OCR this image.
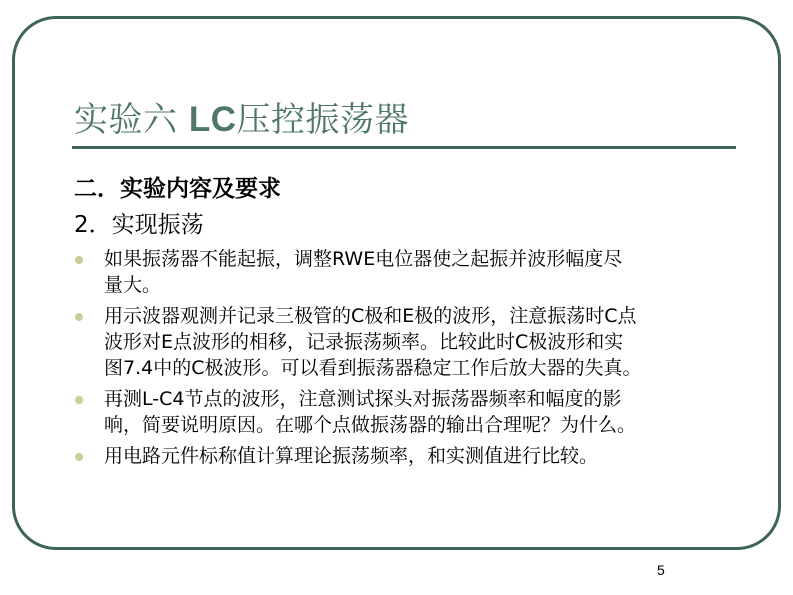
实验六 LC压控振荡器
二．实验内容及要求
2．实现振荡
如果振荡器不能起振，调整RWE电位器使之起振并波形幅度尽
量大。
用示波器观测并记录三极管的C极和E极的波形，注意振荡时C点
波形对E点波形的相移，记录振荡频率。比较此时C极波形和实
图7.4中的C极波形。可以看到振荡器稳定工作后放大器的失真。
再测L-C4节点的波形，注意测试探头对振荡器频率和幅度的影
响，简要说明原因。在哪个点做振荡器的输出合理呢？为什么。
用电路元件标称值计算理论振荡频率，和实测值进行比较。
5
